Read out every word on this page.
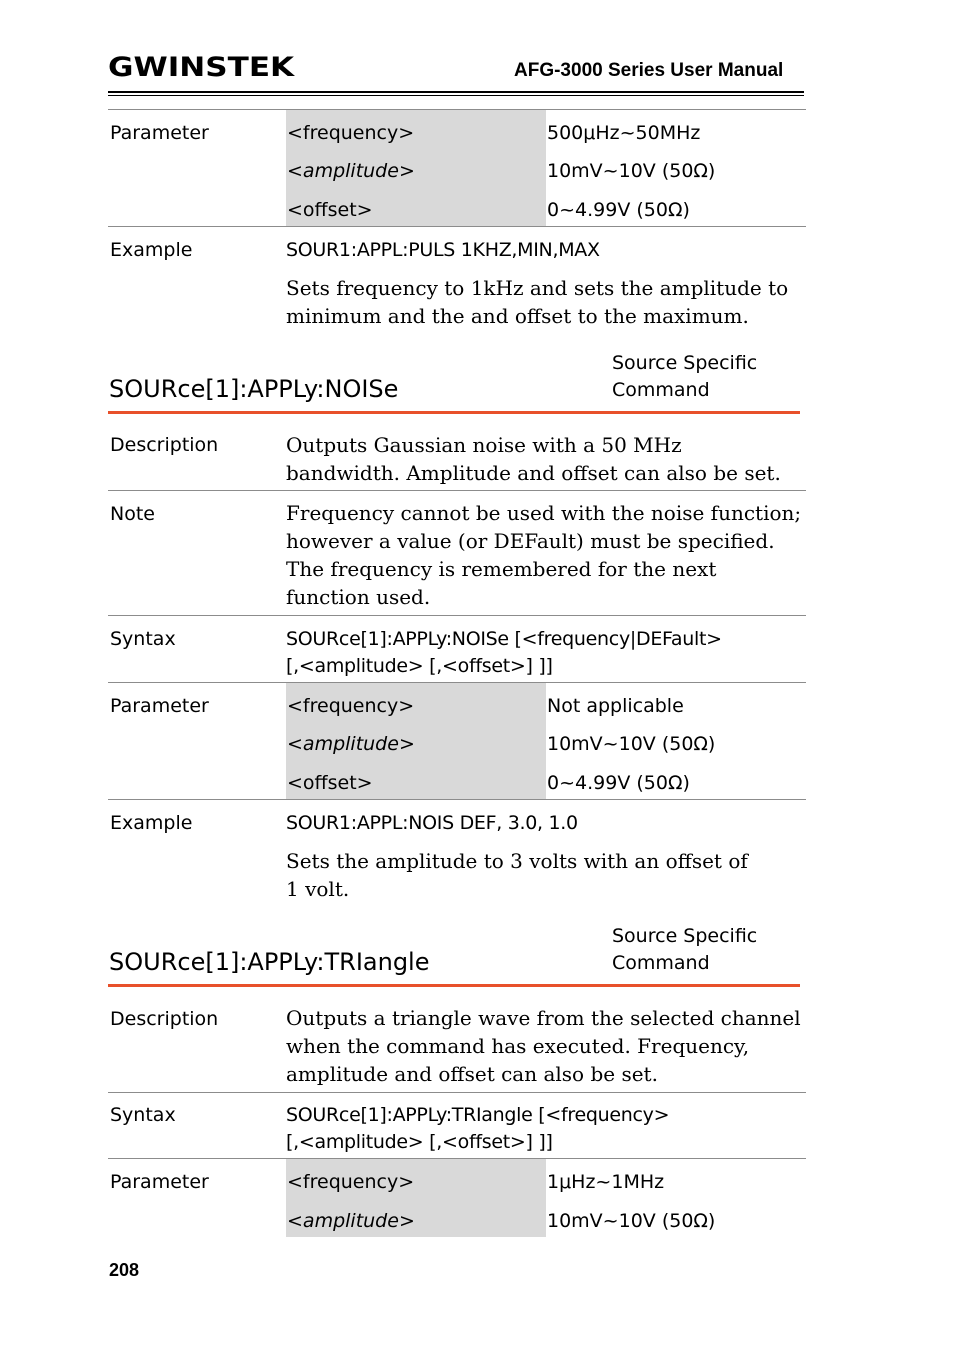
GWINSTEK	AFG-3000 Series User Manual
Parameter	<frequency>	500μHz~50MHz
<amplitude>	10mV~10V (50Ω)
<offset>	0~4.99V (50Ω)
Example	SOUR1:APPL:PULS 1KHZ,MIN,MAX
Sets frequency to 1kHz and sets the amplitude to minimum and the and offset to the maximum.
SOURce[1]:APPLy:NOISe
Source Specific
Command
Description	Outputs Gaussian noise with a 50 MHz bandwidth. Amplitude and offset can also be set.
Note	Frequency cannot be used with the noise function; however a value (or DEFault) must be specified. The frequency is remembered for the next function used.
Syntax	SOURce[1]:APPLy:NOISe [<frequency|DEFault>
[,<amplitude> [,<offset>] ]]
Parameter	<frequency>	Not applicable
<amplitude>	10mV~10V (50Ω)
<offset>	0~4.99V (50Ω)
Example	SOUR1:APPL:NOIS DEF, 3.0, 1.0
Sets the amplitude to 3 volts with an offset of 1 volt.
SOURce[1]:APPLy:TRIangle
Source Specific
Command
Description	Outputs a triangle wave from the selected channel when the command has executed. Frequency, amplitude and offset can also be set.
Syntax	SOURce[1]:APPLy:TRIangle [<frequency>
[,<amplitude> [,<offset>] ]]
Parameter	<frequency>	1μHz~1MHz
<amplitude>	10mV~10V (50Ω)
208
